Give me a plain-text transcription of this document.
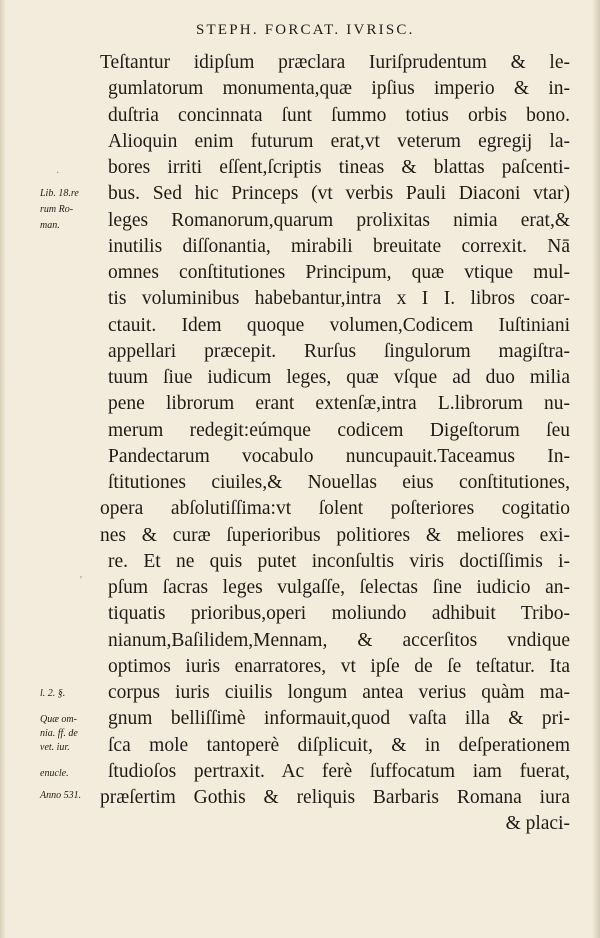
STEPH. FORCAT. IVRISC.
Teſtantur idipſum præclara Iuriſprudentum & le-
gumlatorum monumenta,quæ ipſius imperio & in-
duſtria concinnata ſunt ſummo totius orbis bono.
Alioquin enim futurum erat,vt veterum egregij la-
bores irriti eſſent,ſcriptis tineas & blattas paſcenti-
bus. Sed hic Princeps (vt verbis Pauli Diaconi vtar)
leges Romanorum,quarum prolixitas nimia erat,&
inutilis diſſonantia, mirabili breuitate correxit. Nā
omnes conſtitutiones Principum, quæ vtique mul-
tis voluminibus habebantur,intra x I I. libros coar-
ctauit. Idem quoque volumen,Codicem Iuſtiniani
appellari præcepit. Rurſus ſingulorum magiſtra-
tuum ſiue iudicum leges, quæ vſque ad duo milia
pene librorum erant extenſæ,intra L.librorum nu-
merum redegit:eúmque codicem Digeſtorum ſeu
Pandectarum vocabulo nuncupauit.Taceamus In-
ſtitutiones ciuiles,& Nouellas eius conſtitutiones,
opera abſolutiſſima:vt ſolent poſteriores cogitatio
nes & curæ ſuperioribus politiores & meliores exi-
re. Et ne quis putet inconſultis viris doctiſſimis i-
pſum ſacras leges vulgaſſe, ſelectas ſine iudicio an-
tiquatis prioribus,operi moliundo adhibuit Tribo-
nianum,Baſilidem,Mennam, & accerſitos vndique
optimos iuris enarratores, vt ipſe de ſe teſtatur. Ita
corpus iuris ciuilis longum antea verius quàm ma-
gnum belliſſimè informauit,quod vaſta illa & pri-
ſca mole tantoperè diſplicuit, & in deſperationem
ſtudioſos pertraxit. Ac ferè ſuffocatum iam fuerat,
præſertim Gothis & reliquis Barbaris Romana iura
& placi-
Lib. 18.re
rum Ro-
man.
l. 2. §.
Quæ om-
nia. ff. de
vet. iur.
enucle.
Anno 531.
·
ʹ
